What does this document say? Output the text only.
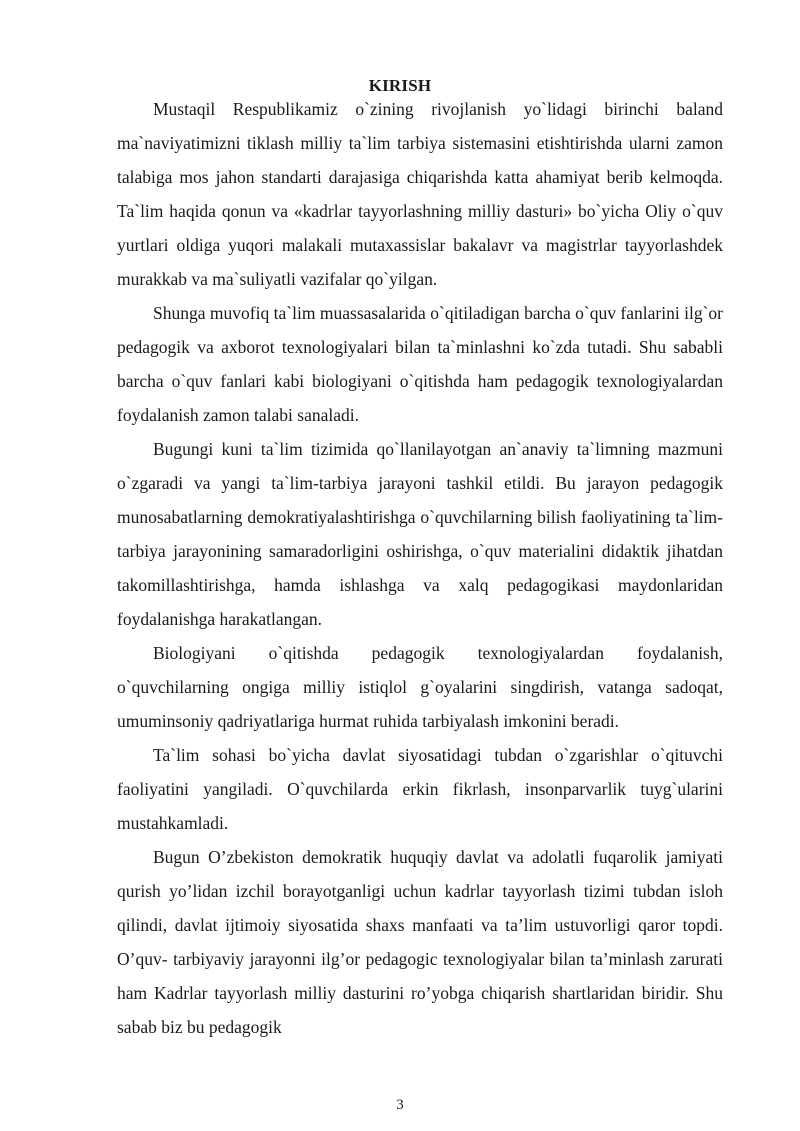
KIRISH

Mustaqil Respublikamiz o`zining rivojlanish yo`lidagi birinchi baland ma`naviyatimizni tiklash milliy ta`lim tarbiya sistemasini etishtirishda ularni zamon talabiga mos jahon standarti darajasiga chiqarishda katta ahamiyat berib kelmoqda. Ta`lim haqida qonun va «kadrlar tayyorlashning milliy dasturi» bo`yicha Oliy o`quv yurtlari oldiga yuqori malakali mutaxassislar bakalavr va magistrlar tayyorlashdek murakkab va ma`suliyatli vazifalar qo`yilgan.

Shunga muvofiq ta`lim muassasalarida o`qitiladigan barcha o`quv fanlarini ilg`or pedagogik va axborot texnologiyalari bilan ta`minlashni ko`zda tutadi. Shu sababli barcha o`quv fanlari kabi biologiyani o`qitishda ham pedagogik texnologiyalardan foydalanish zamon talabi sanaladi.

Bugungi kuni ta`lim tizimida qo`llanilayotgan an`anaviy ta`limning mazmuni o`zgaradi va yangi ta`lim-tarbiya jarayoni tashkil etildi. Bu jarayon pedagogik munosabatlarning demokratiyalashtirishga o`quvchilarning bilish faoliyatining ta`lim-tarbiya jarayonining samaradorligini oshirishga, o`quv materialini didaktik jihatdan takomillashtirishga, hamda ishlashga va xalq pedagogikasi maydonlaridan foydalanishga harakatlangan.

Biologiyani o`qitishda pedagogik texnologiyalardan foydalanish, o`quvchilarning ongiga milliy istiqlol g`oyalarini singdirish, vatanga sadoqat, umuminsoniy qadriyatlariga hurmat ruhida tarbiyalash imkonini beradi.

Ta`lim sohasi bo`yicha davlat siyosatidagi tubdan o`zgarishlar o`qituvchi faoliyatini yangiladi. O`quvchilarda erkin fikrlash, insonparvarlik tuyg`ularini mustahkamladi.

Bugun O’zbekiston demokratik huquqiy davlat va adolatli fuqarolik jamiyati qurish yo’lidan izchil borayotganligi uchun kadrlar tayyorlash tizimi tubdan isloh qilindi, davlat ijtimoiy siyosatida shaxs manfaati va ta’lim ustuvorligi qaror topdi. O’quv- tarbiyaviy jarayonni ilg’or pedagogic texnologiyalar bilan ta’minlash zarurati ham Kadrlar tayyorlash milliy dasturini ro’yobga chiqarish shartlaridan biridir. Shu sabab biz bu pedagogik

3
